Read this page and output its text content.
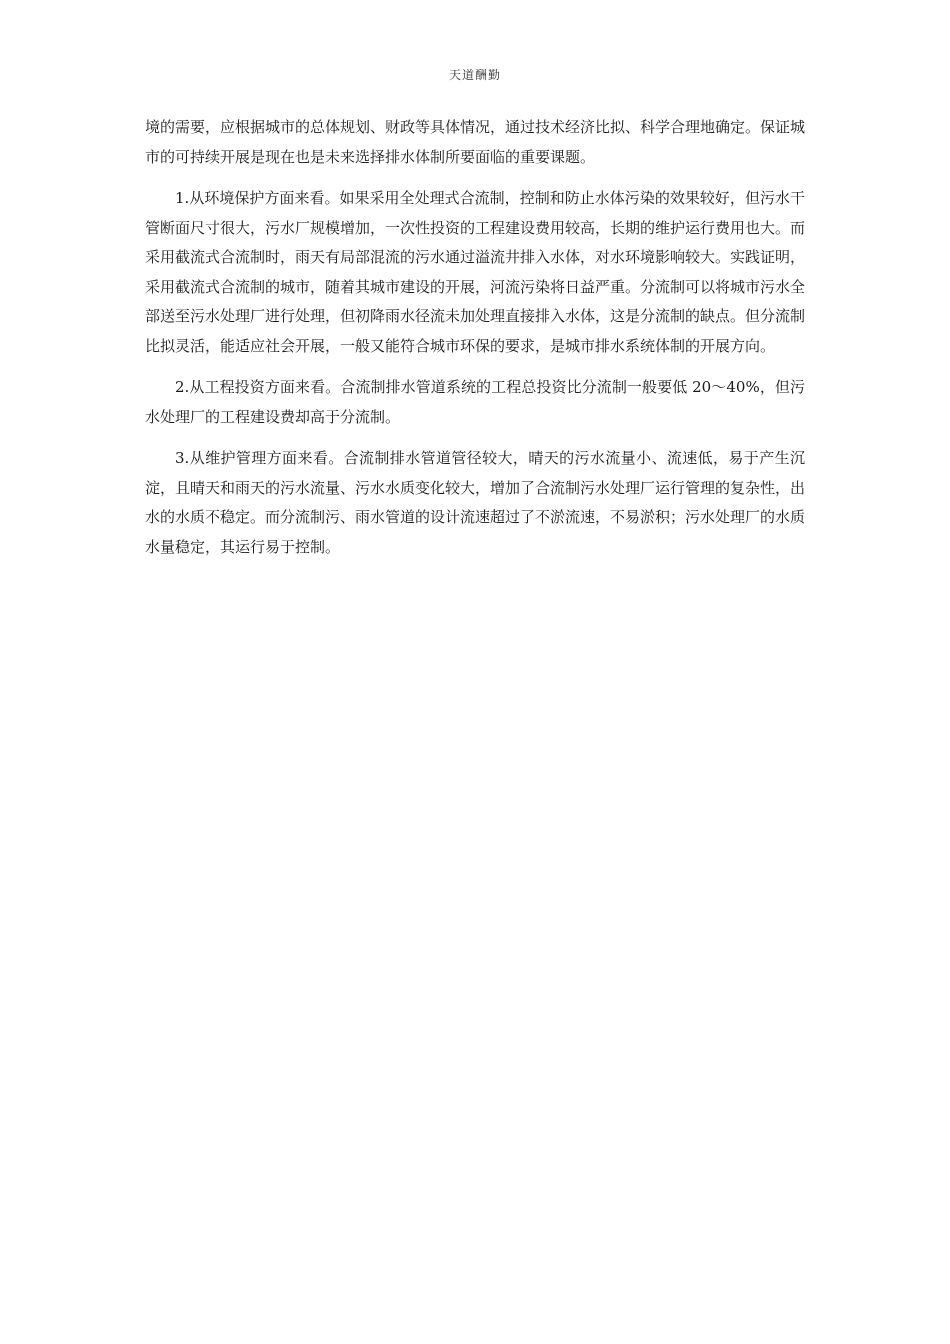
天道酬勤

境的需要，应根据城市的总体规划、财政等具体情况，通过技术经济比拟、科学合理地确定。保证城市的可持续开展是现在也是未来选择排水体制所要面临的重要课题。

1.从环境保护方面来看。如果采用全处理式合流制，控制和防止水体污染的效果较好，但污水干管断面尺寸很大，污水厂规模增加，一次性投资的工程建设费用较高，长期的维护运行费用也大。而采用截流式合流制时，雨天有局部混流的污水通过溢流井排入水体，对水环境影响较大。实践证明，采用截流式合流制的城市，随着其城市建设的开展，河流污染将日益严重。分流制可以将城市污水全部送至污水处理厂进行处理，但初降雨水径流未加处理直接排入水体，这是分流制的缺点。但分流制比拟灵活，能适应社会开展，一般又能符合城市环保的要求，是城市排水系统体制的开展方向。

2.从工程投资方面来看。合流制排水管道系统的工程总投资比分流制一般要低 20～40%，但污水处理厂的工程建设费却高于分流制。

3.从维护管理方面来看。合流制排水管道管径较大，晴天的污水流量小、流速低，易于产生沉淀，且晴天和雨天的污水流量、污水水质变化较大，增加了合流制污水处理厂运行管理的复杂性，出水的水质不稳定。而分流制污、雨水管道的设计流速超过了不淤流速，不易淤积；污水处理厂的水质水量稳定，其运行易于控制。
